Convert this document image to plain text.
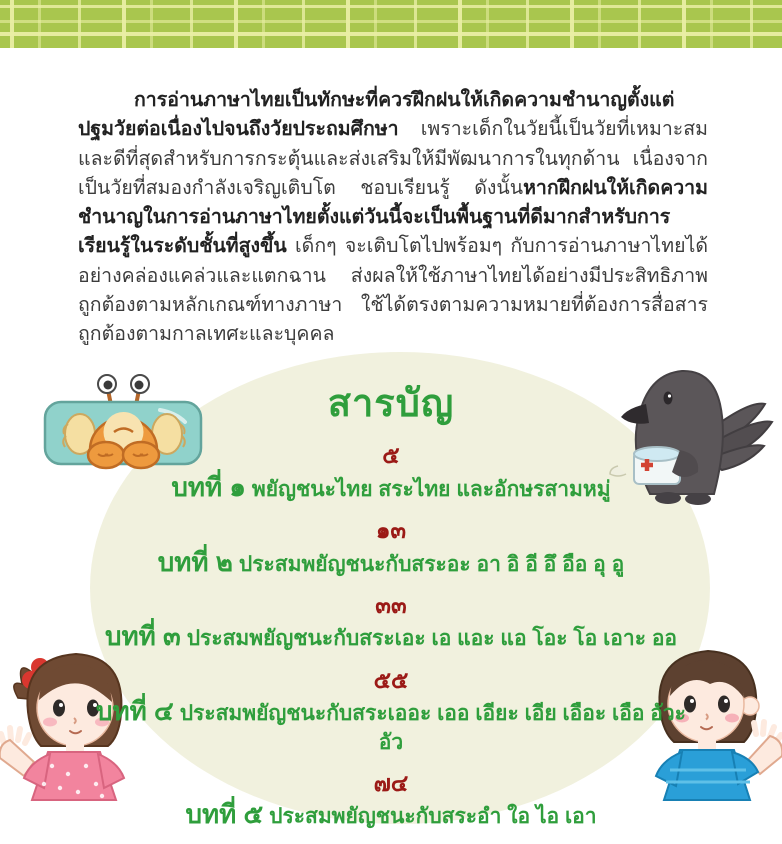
การอ่านภาษาไทยเป็นทักษะที่ควรฝึกฝนให้เกิดความชำนาญตั้งแต่ปฐมวัยต่อเนื่องไปจนถึงวัยประถมศึกษา เพราะเด็กในวัยนี้เป็นวัยที่เหมาะสมและดีที่สุดสำหรับการกระตุ้นและส่งเสริมให้มีพัฒนาการในทุกด้าน เนื่องจากเป็นวัยที่สมองกำลังเจริญเติบโต ชอบเรียนรู้ ดังนั้นหากฝึกฝนให้เกิดความชำนาญในการอ่านภาษาไทยตั้งแต่วันนี้จะเป็นพื้นฐานที่ดีมากสำหรับการเรียนรู้ในระดับชั้นที่สูงขึ้น เด็กๆ จะเติบโตไปพร้อมๆ กับการอ่านภาษาไทยได้อย่างคล่องแคล่วและแตกฉาน ส่งผลให้ใช้ภาษาไทยได้อย่างมีประสิทธิภาพ ถูกต้องตามหลักเกณฑ์ทางภาษา ใช้ได้ตรงตามความหมายที่ต้องการสื่อสาร ถูกต้องตามกาลเทศะและบุคคล

สารบัญ
๕
บทที่ ๑ พยัญชนะไทย สระไทย และอักษรสามหมู่
๑๓
บทที่ ๒ ประสมพยัญชนะกับสระอะ อา อิ อี อึ อือ อุ อู
๓๓
บทที่ ๓ ประสมพยัญชนะกับสระเอะ เอ แอะ แอ โอะ โอ เอาะ ออ
๕๕
บทที่ ๔ ประสมพยัญชนะกับสระเออะ เออ เอียะ เอีย เอือะ เอือ อัวะ อัว
๗๔
บทที่ ๕ ประสมพยัญชนะกับสระอำ ใอ ไอ เอา
